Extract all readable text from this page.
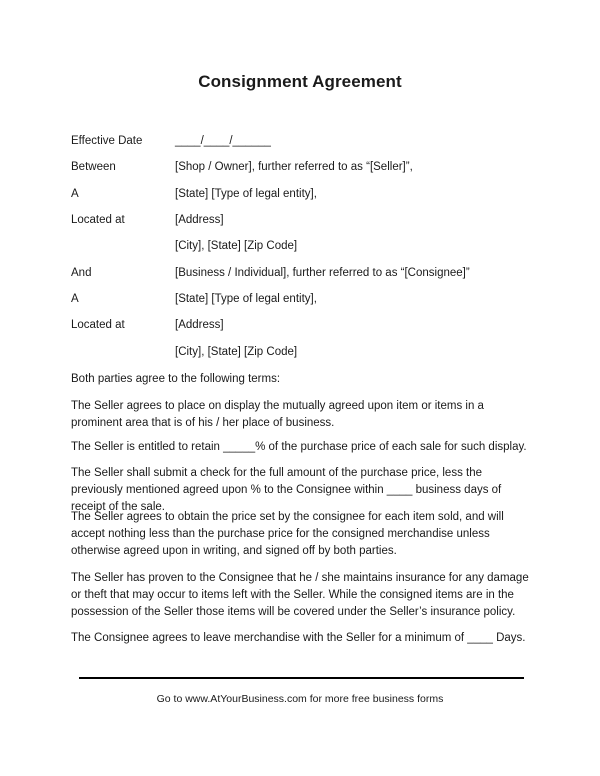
Consignment Agreement
Effective Date	____/____/______
Between	[Shop / Owner], further referred to as “[Seller]”,
A	[State] [Type of legal entity],
Located at	[Address]
[City], [State] [Zip Code]
And	[Business / Individual], further referred to as “[Consignee]”
A	[State] [Type of legal entity],
Located at	[Address]
[City], [State] [Zip Code]

Both parties agree to the following terms:

The Seller agrees to place on display the mutually agreed upon item or items in a prominent area that is of his / her place of business.

The Seller is entitled to retain _____% of the purchase price of each sale for such display.

The Seller shall submit a check for the full amount of the purchase price, less the previously mentioned agreed upon % to the Consignee within ____ business days of receipt of the sale.

The Seller agrees to obtain the price set by the consignee for each item sold, and will accept nothing less than the purchase price for the consigned merchandise unless otherwise agreed upon in writing, and signed off by both parties.

The Seller has proven to the Consignee that he / she maintains insurance for any damage or theft that may occur to items left with the Seller. While the consigned items are in the possession of the Seller those items will be covered under the Seller’s insurance policy.

The Consignee agrees to leave merchandise with the Seller for a minimum of ____ Days.

Go to www.AtYourBusiness.com for more free business forms
